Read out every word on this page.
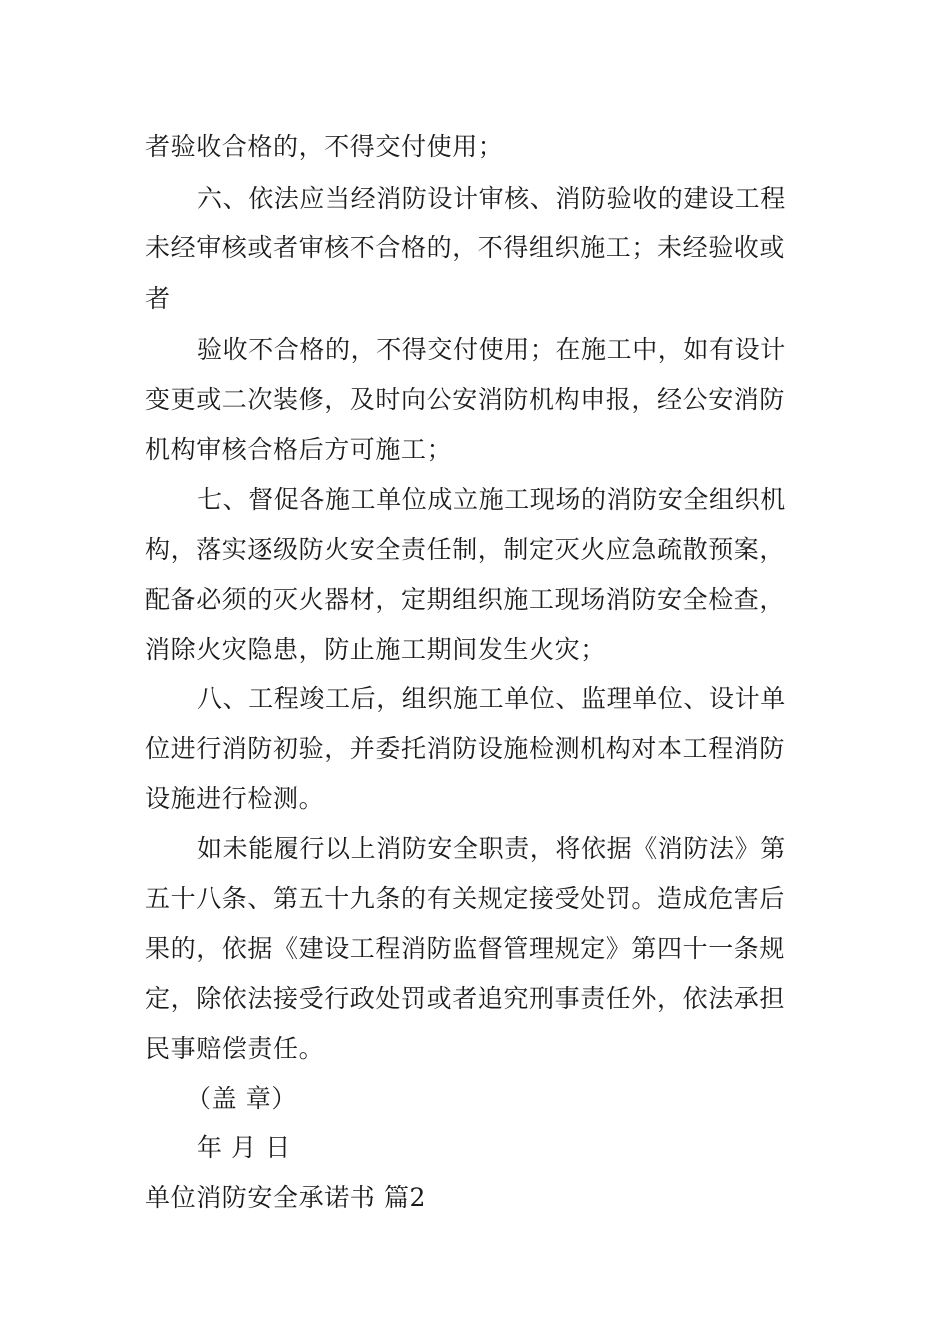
者验收合格的，不得交付使用；
六、依法应当经消防设计审核、消防验收的建设工程
未经审核或者审核不合格的，不得组织施工；未经验收或
者
验收不合格的，不得交付使用；在施工中，如有设计
变更或二次装修，及时向公安消防机构申报，经公安消防
机构审核合格后方可施工；
七、督促各施工单位成立施工现场的消防安全组织机
构，落实逐级防火安全责任制，制定灭火应急疏散预案，
配备必须的灭火器材，定期组织施工现场消防安全检查，
消除火灾隐患，防止施工期间发生火灾；
八、工程竣工后，组织施工单位、监理单位、设计单
位进行消防初验，并委托消防设施检测机构对本工程消防
设施进行检测。
如未能履行以上消防安全职责，将依据《消防法》第
五十八条、第五十九条的有关规定接受处罚。造成危害后
果的，依据《建设工程消防监督管理规定》第四十一条规
定，除依法接受行政处罚或者追究刑事责任外，依法承担
民事赔偿责任。
（盖 章）
年 月 日
单位消防安全承诺书 篇2
